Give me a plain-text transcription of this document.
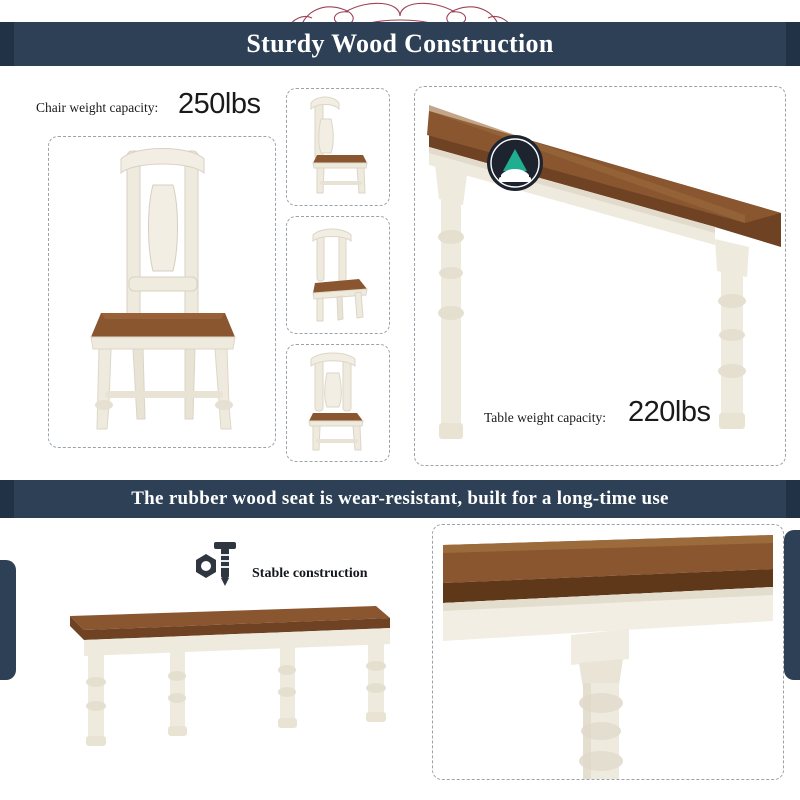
Sturdy Wood Construction
Chair weight capacity: 250lbs
Table weight capacity: 220lbs
The rubber wood seat is wear-resistant, built for a long-time use
Stable construction
